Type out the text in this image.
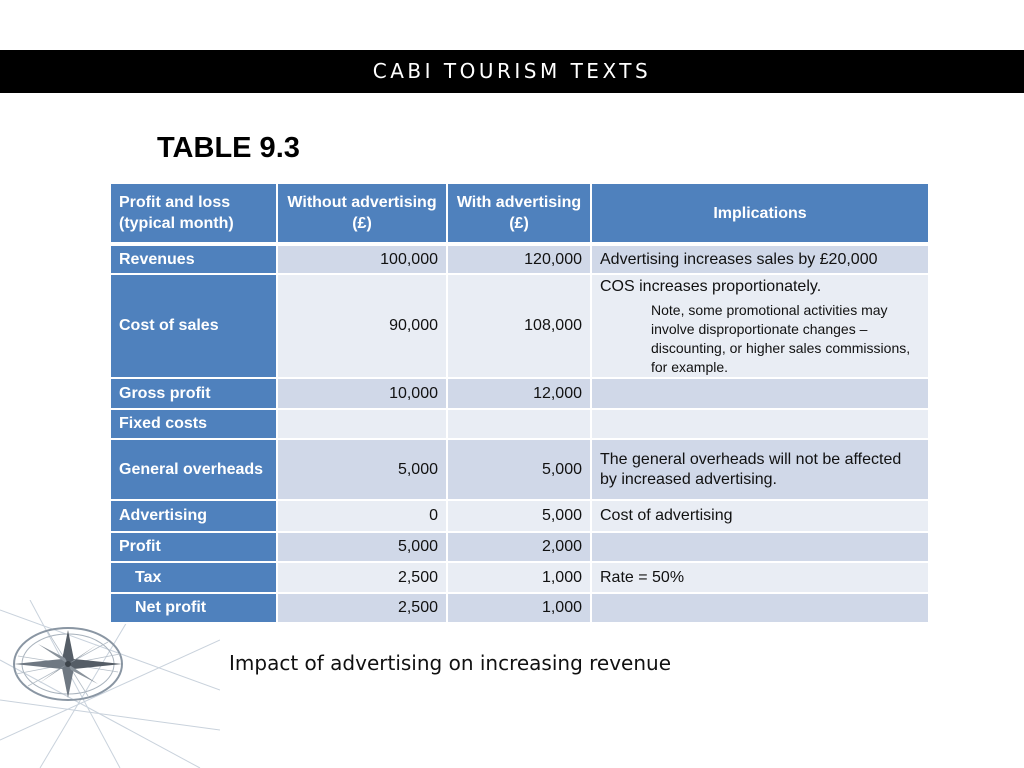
CABI TOURISM TEXTS
TABLE 9.3
Profit and loss (typical month)	Without advertising (£)	With advertising (£)	Implications
Revenues	100,000	120,000	Advertising increases sales by £20,000
Cost of sales	90,000	108,000	COS increases proportionately.
Note, some promotional activities may involve disproportionate changes – discounting, or higher sales commissions, for example.

Gross profit	10,000	12,000	
Fixed costs			
General overheads	5,000	5,000	The general overheads will not be affected by increased advertising.
Advertising	0	5,000	Cost of advertising
Profit	5,000	2,000	
Tax	2,500	1,000	Rate = 50%
Net profit	2,500	1,000	
Impact of advertising on increasing revenue
